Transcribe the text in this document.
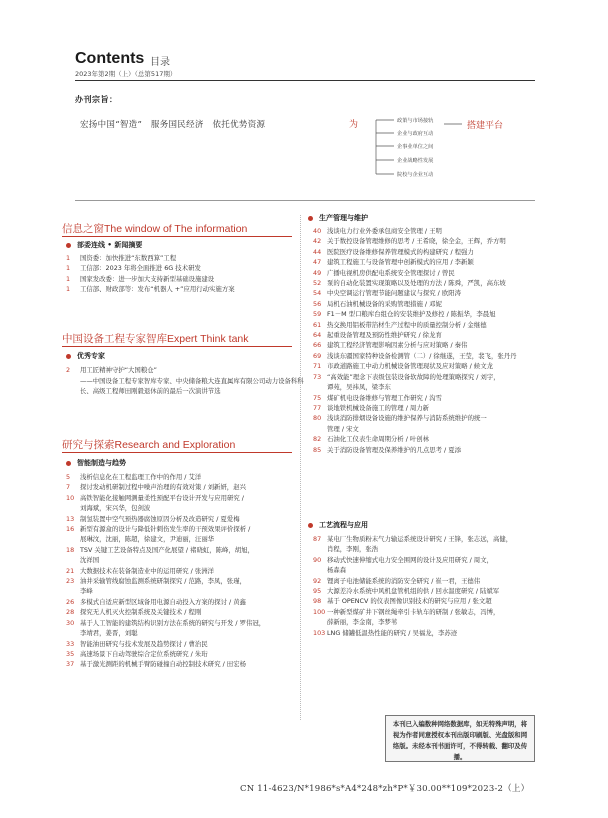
Contents 目录
2023年第2期（上）（总第517期）
办刊宗旨：
宏扬中国“智造”　服务国民经济　依托优势资源	为	搭建平台
政策与市场接轨
企业与政府互动
企事业单位之间
企业战略性发展
院校与企业互动
信息之窗The window of The information
部委连线 • 新闻摘要
1 国资委：加快推进“东数西算”工程
1 工信部：2023 年将全面推进 6G 技术研发
1 国家发改委：进一步加大支持新型基础设施建设
1 工信部、财政部等：发布“机器人 +”应用行动实施方案
中国设备工程专家智库Expert Think tank
优秀专家
2 用工匠精神守护“大国粮仓”
——中国设备工程专家智库专家、中央储备粮大连直属库有限公司动力设备科科长、高级工程师田刚毅退休前的最后一次演讲节选
研究与探索Research and Exploration
智能制造与趋势
5 浅析信息化在工程监理工作中的作用 / 艾洋
7 探讨发动机研制过程中噪声治理的有效对策 / 刘新妍，赵兴
10 高铁智能化接触网测量柔性预配平台设计开发与应用研究 /
刘海斌，宋兴华，包剑波
13 制氢装置中空气预热器腐蚀原因分析及改造研究 / 夏爱梅
16 新型有源盒的设计与降低针刺伤发生率的干预效果评价探析 /
展琳汶，沈丽，陈超，徐建文，尹迪丽，汪丽华
18 TSV 关键工艺设备特点及国产化展望 / 褚晓虹，陈峰，胡旭，
沈祥国
21 大数据技术在装备制造业中的运用研究 / 张洲洋
23 油井采输管线腐蚀监测系统研制探究 / 范路，李凤，张瑾，
李峰
26 多模式自适应新型区域备用电源自动投入方案的探讨 / 黄鑫
28 探究无人机灭火控制系统及关键技术 / 程刚
30 基于人工智能的建筑结构识别方法在系统的研究与开发 / 罗伟冠，
李靖君，姜晋，刘聪
33 智能油田研究与技术发展及趋势探讨 / 曹治民
35 高速场景下自动驾驶综合定位系统研究 / 朱珩
37 基于激光测距的机械手臂防碰撞自动控制技术研究 / 田宏杨
生产管理与维护
40 浅谈电力行业外委承包商安全管理 / 王明
42 关于数控设备管理维修的思考 / 王希晓，徐全金，王辉，乔方明
44 医院医疗设备维修保养管理模式的构建研究 / 程强力
47 建筑工程施工与设备管理中创新模式的应用 / 李新颖
49 广播电视机房供配电系统安全管理探讨 / 曾民
52 泵的自动化装置实现策略以及处理的方法 / 陈舜，严凯，高东坡
54 中央空调运行管理节能问题建议与探究 / 欧阳涛
56 局机石油机械设备的采购管理措施 / 邓妮
59 F1－M 型口粮库台组仓的安装维护及修控 / 陈振华，李晨旭
61 热交换用铝板带箔材生产过程中的质量控制分析 / 金继德
64 起重设备管理及预防性维护研究 / 徐龙育
66 建筑工程经济管理影响因素分析与应对策略 / 秦伟
69 浅谈东疆国家特种设备检测管（二）/ 徐继遂，王莹，裴飞，张丹丹
71 市政道路施工中动力机械设备管理现状及应对策略 / 候文龙
73 “高效能”理念下表级包装设备软故障的处理策略探究 / 刘宇，
谭苑，吴祎凤，梁李东
75 煤矿机电设备维修与管理工作研究 / 沟雪
77 谈地铁机械设备施工的管理 / 周力新
80 浅谈消防排烟设备设施的维护保养与消防系统维护的统一
管理 / 宋文
82 石油化工仪表生命周期分析 / 叶创林
85 关于消防设备管理及保养维护的几点思考 / 夏添
工艺流程与应用
87 某电厂生物质粉末气力输运系统设计研究 / 王锋，张志远，高健，
肖程，李刚，张浩
90 移动式快速伸缩式电力安全围网的设计及应用研究 / 周文，
杨森森
92 锂离子电池储能系统的消防安全研究 / 崔一君，王德伟
95 大源差冷水系统中风机盘管机组的供 / 回水温度研究 / 陆斌军
98 基于 OPENCV 的仪表图像识别技术的研究与应用 / 张文超
100 一种新型煤矿井下钢丝绳牵引卡轨车的研制 / 张敏志，冯博，
薛新丽，李金南，李梦苇
103 LNG 储罐低温热性能的研究 / 吴福龙，李苏迹
本刊已入编数种网络数据库，如无特殊声明，将视为作者同意授权本刊出版印刷版、光盘版和网络版。未经本刊书面许可，不得转载、翻印及传播。
CN 11-4623/N*1986*s*A4*248*zh*P*￥30.00**109*2023-2（上）
